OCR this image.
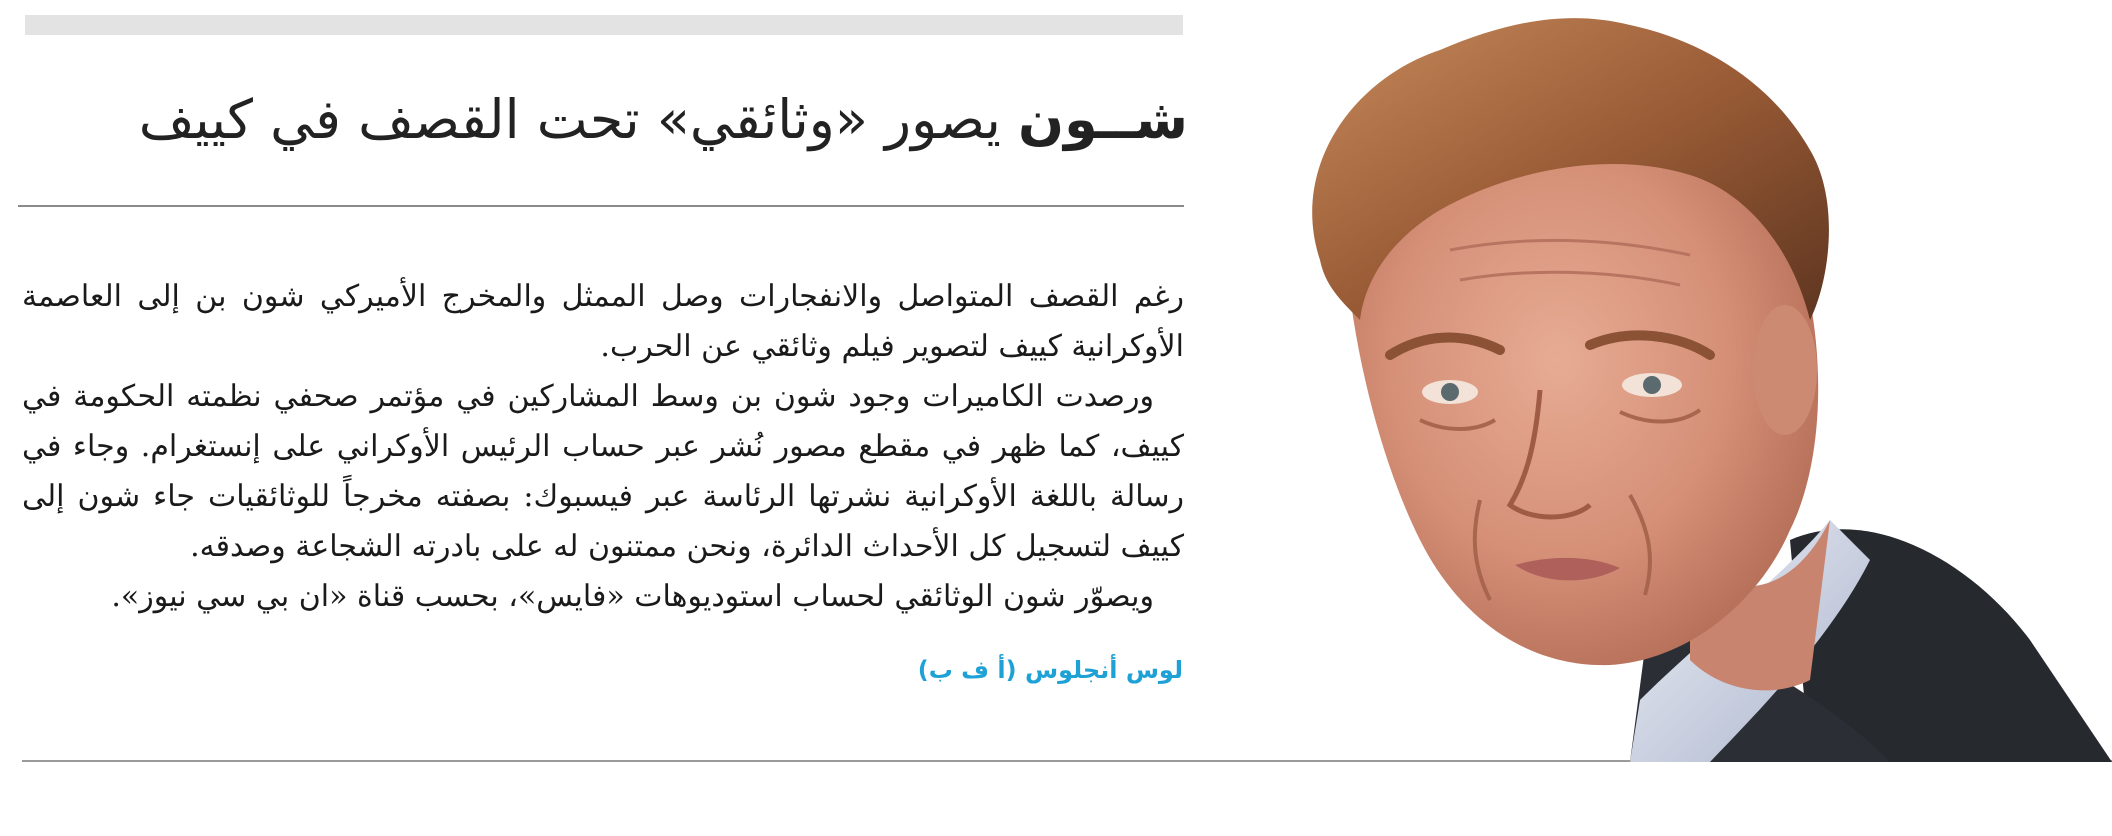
شــون يصور «وثائقي» تحت القصف في كييف

رغم القصف المتواصل والانفجارات وصل الممثل والمخرج الأميركي شون بن إلى العاصمة الأوكرانية كييف لتصوير فيلم وثائقي عن الحرب.

ورصدت الكاميرات وجود شون بن وسط المشاركين في مؤتمر صحفي نظمته الحكومة في كييف، كما ظهر في مقطع مصور نُشر عبر حساب الرئيس الأوكراني على إنستغرام. وجاء في رسالة باللغة الأوكرانية نشرتها الرئاسة عبر فيسبوك: بصفته مخرجاً للوثائقيات جاء شون إلى كييف لتسجيل كل الأحداث الدائرة، ونحن ممتنون له على بادرته الشجاعة وصدقه.

ويصوّر شون الوثائقي لحساب استوديوهات «فايس»، بحسب قناة «ان بي سي نيوز».

لوس أنجلوس (أ ف ب)
